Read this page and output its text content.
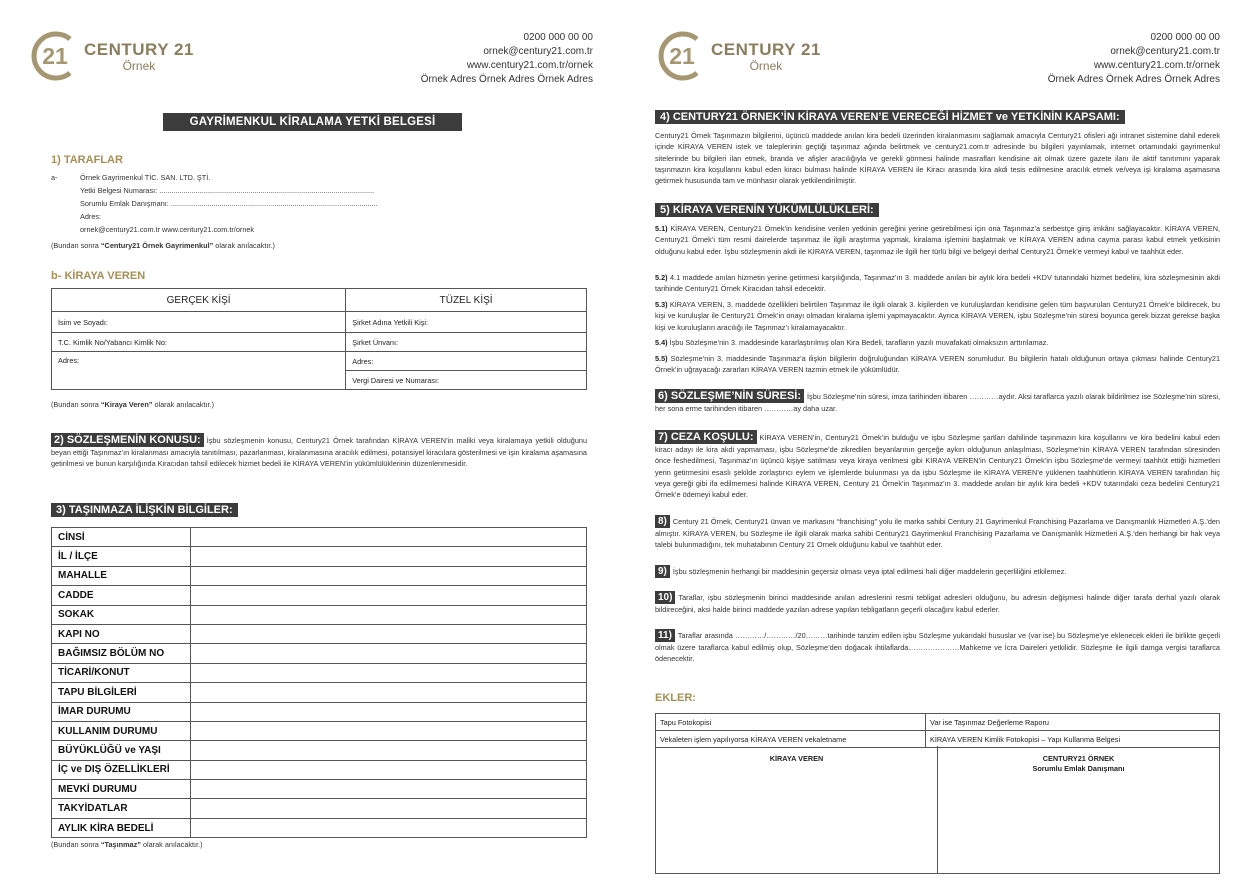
21 CENTURY 21
Örnek
0200 000 00 00
ornek@century21.com.tr
www.century21.com.tr/ornek
Örnek Adres Örnek Adres Örnek Adres
GAYRİMENKUL KİRALAMA YETKİ BELGESİ
1) TARAFLAR
a-	Örnek Gayrimenkul TİC. SAN. LTD. ŞTİ.
Yetki Belgesi Numarası: ..........................................................................................................
Sorumlu Emlak Danışmanı: ......................................................................................................
Adres:
ornek@century21.com.tr www.century21.com.tr/ornek
(Bundan sonra “Century21 Örnek Gayrimenkul” olarak anılacaktır.)
b- KİRAYA VEREN
GERÇEK KİŞİ	TÜZEL KİŞİ
İsim ve Soyadı:	Şirket Adına Yetkili Kişi:
T.C. Kimlik No/Yabancı Kimlik No:	Şirket Ünvanı:
Adres:	Adres:
	Vergi Dairesi ve Numarası:
(Bundan sonra “Kiraya Veren” olarak anılacaktır.)
2) SÖZLEŞMENİN KONUSU: İşbu sözleşmenin konusu, Century21 Örnek tarafından KİRAYA VEREN’in maliki veya kiralamaya yetkili olduğunu beyan ettiği Taşınmaz’ın kiralanması amacıyla tanıtılması, pazarlanması, kiralanmasına aracılık edilmesi, potansiyel kiracılara gösterilmesi ve işin kiralama aşamasına getirilmesi ve bunun karşılığında Kiracıdan tahsil edilecek hizmet bedeli ile KİRAYA VEREN’in yükümlülüklerinin düzenlenmesidir.
3) TAŞINMAZA İLİŞKİN BİLGİLER:
CİNSİ	
İL / İLÇE	
MAHALLE	
CADDE	
SOKAK	
KAPI NO	
BAĞIMSIZ BÖLÜM NO	
TİCARİ/KONUT	
TAPU BİLGİLERİ	
İMAR DURUMU	
KULLANIM DURUMU	
BÜYÜKLÜĞÜ ve YAŞI	
İÇ ve DIŞ ÖZELLİKLERİ	
MEVKİ DURUMU	
TAKYİDATLAR	
AYLIK KİRA BEDELİ	
(Bundan sonra “Taşınmaz” olarak anılacaktır.)
21 CENTURY 21
Örnek
0200 000 00 00
ornek@century21.com.tr
www.century21.com.tr/ornek
Örnek Adres Örnek Adres Örnek Adres
4) CENTURY21 ÖRNEK’İN KİRAYA VEREN’E VERECEĞİ HİZMET ve YETKİNİN KAPSAMI:
Century21 Örnek Taşınmazın bilgilerini, üçüncü maddede anılan kira bedeli üzerinden kiralanmasını sağlamak amacıyla Century21 ofisleri ağı intranet sistemine dahil ederek içinde KİRAYA VEREN istek ve taleplerinin geçtiği taşınmaz ağında belirtmek ve century21.com.tr adresinde bu bilgileri yayınlamak, internet ortamındaki gayrimenkul sitelerinde bu bilgileri ilan etmek, branda ve afişler aracılığıyla ve gerekli görmesi halinde masrafları kendisine ait olmak üzere gazete ilanı ile aktif tanıtımını yaparak taşınmazın kira koşullarını kabul eden kiracı bulması halinde KİRAYA VEREN ile Kiracı arasında kira akdi tesis edilmesine aracılık etmek ve/veya işi kiralama aşamasına getirmek hususunda tam ve münhasır olarak yetkilendirilmiştir.
5) KİRAYA VERENİN YÜKÜMLÜLÜKLERİ:
5.1) KİRAYA VEREN, Century21 Örnek’in kendisine verilen yetkinin gereğini yerine getirebilmesi için ona Taşınmaz’a serbestçe giriş imkânı sağlayacaktır. KİRAYA VEREN, Century21 Örnek’i tüm resmi dairelerde taşınmaz ile ilgili araştırma yapmak, kiralama işlemini başlatmak ve KİRAYA VEREN adına cayma parası kabul etmek yetkisinin olduğunu kabul eder. İşbu sözleşmenin akdi ile KİRAYA VEREN, taşınmaz ile ilgili her türlü bilgi ve belgeyi derhal Century21 Örnek’e vermeyi kabul ve taahhüt eder.
5.2) 4.1 maddede anılan hizmetin yerine getirmesi karşılığında, Taşınmaz’ın 3. maddede anılan bir aylık kira bedeli +KDV tutarındaki hizmet bedelini, kira sözleşmesinin akdi tarihinde Century21 Örnek Kiracıdan tahsil edecektir.
5.3) KİRAYA VEREN, 3. maddede özellikleri belirtilen Taşınmaz ile ilgili olarak 3. kişilerden ve kuruluşlardan kendisine gelen tüm başvuruları Century21 Örnek’e bildirecek, bu kişi ve kuruluşlar ile Century21 Örnek’in onayı olmadan kiralama işlemi yapmayacaktır. Ayrıca KİRAYA VEREN, işbu Sözleşme’nin süresi boyunca gerek bizzat gerekse başka kişi ve kuruluşların aracılığı ile Taşınmaz’ı kiralamayacaktır.
5.4) İşbu Sözleşme’nin 3. maddesinde kararlaştırılmış olan Kira Bedeli, tarafların yazılı muvafakati olmaksızın arttırılamaz.
5.5) Sözleşme’nin 3. maddesinde Taşınmaz’a ilişkin bilgilerin doğruluğundan KİRAYA VEREN sorumludur. Bu bilgilerin hatalı olduğunun ortaya çıkması halinde Century21 Örnek’in uğrayacağı zararları KİRAYA VEREN tazmin etmek ile yükümlüdür.
6) SÖZLEŞME’NİN SÜRESİ: İşbu Sözleşme’nin süresi, imza tarihinden itibaren …………aydır. Aksi taraflarca yazılı olarak bildirilmez ise Sözleşme’nin süresi, her sona erme tarihinden itibaren …………ay daha uzar.
7) CEZA KOŞULU: KİRAYA VEREN’in, Century21 Örnek’in bulduğu ve işbu Sözleşme şartları dahilinde taşınmazın kira koşullarını ve kira bedelini kabul eden kiracı adayı ile kira akdi yapmaması, işbu Sözleşme’de zikredilen beyanlarının gerçeğe aykırı olduğunun anlaşılması, Sözleşme’nin KİRAYA VEREN tarafından süresinden önce feshedilmesi, Taşınmaz’ın üçüncü kişiye satılması veya kiraya verilmesi gibi KİRAYA VEREN’in Century21 Örnek’in işbu Sözleşme’de vermeyi taahhüt ettiği hizmetleri yerin getirmesini esaslı şekilde zorlaştırıcı eylem ve işlemlerde bulunması ya da işbu Sözleşme ile KİRAYA VEREN’e yüklenen taahhütlerin KİRAYA VEREN tarafından hiç veya gereği gibi ifa edilmemesi halinde KİRAYA VEREN, Century 21 Örnek’in Taşınmaz’ın 3. maddede anılan bir aylık kira bedeli +KDV tutarındaki ceza bedelini Century21 Örnek’e ödemeyi kabul eder.
8) Century 21 Örnek, Century21 ünvan ve markasını “franchising” yolu ile marka sahibi Century 21 Gayrimenkul Franchising Pazarlama ve Danışmanlık Hizmetleri A.Ş.’den almıştır. KİRAYA VEREN, bu Sözleşme ile ilgili olarak marka sahibi Century21 Gayrimenkul Franchising Pazarlama ve Danışmanlık Hizmetleri A.Ş.’den herhangi bir hak veya talebi bulunmadığını, tek muhatabının Century 21 Ornek olduğunu kabul ve taahhüt eder.
9) İşbu sözleşmenin herhangi bir maddesinin geçersiz olması veya iptal edilmesi hali diğer maddelerin geçerliliğini etkilemez.
10) Taraflar, işbu sözleşmenin birinci maddesinde anılan adreslerini resmi tebligat adresleri olduğunu, bu adresin değişmesi halinde diğer tarafa derhal yazılı olarak bildireceğini, aksi halde birinci maddede yazılan adrese yapılan tebligatların geçerli olacağını kabul ederler.
11) Taraflar arasında …………/…………/20………tarihinde tanzim edilen işbu Sözleşme yukarıdaki hususlar ve (var ise) bu Sözleşme’ye eklenecek ekleri ile birlikte geçerli olmak üzere taraflarca kabul edilmiş olup, Sözleşme’den doğacak ihtilaflarda…………………Mahkeme ve İcra Daireleri yetkilidir. Sözleşme ile ilgili damga vergisi taraflarca ödenecektir.
EKLER:
Tapu Fotokopisi	Var ise Taşınmaz Değerleme Raporu
Vekaleten işlem yapılıyorsa KİRAYA VEREN vekaletname	KİRAYA VEREN Kimlik Fotokopisi – Yapı Kullanma Belgesi
KİRAYA VEREN	CENTURY21 ÖRNEK
Sorumlu Emlak Danışmanı
